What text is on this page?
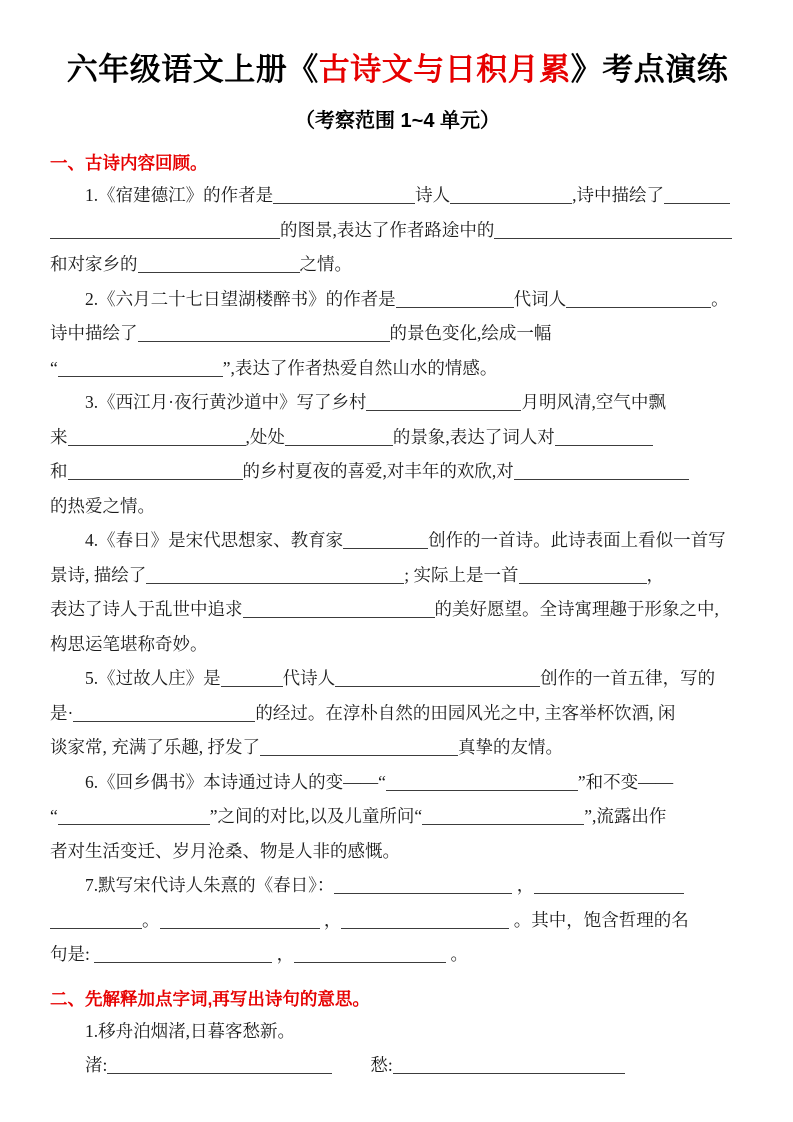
六年级语文上册《古诗文与日积月累》考点演练
（考察范围 1~4 单元）
一、古诗内容回顾。
1.《宿建德江》的作者是	诗人	,诗中描绘了
的图景,表达了作者路途中的
和对家乡的	之情。
2.《六月二十七日望湖楼醉书》的作者是	代词人	。
诗中描绘了	的景色变化,绘成一幅
“	”,表达了作者热爱自然山水的情感。
3.《西江月·夜行黄沙道中》写了乡村	月明风清,空气中飘
来	,处处	的景象,表达了词人对
和	的乡村夏夜的喜爱,对丰年的欢欣,对
的热爱之情。
4.《春日》是宋代思想家、教育家	创作的一首诗。此诗表面上看似一首写
景诗, 描绘了	; 实际上是一首	，
表达了诗人于乱世中追求	的美好愿望。全诗寓理趣于形象之中,
构思运笔堪称奇妙。
5.《过故人庄》是	代诗人	创作的一首五律，写的
是·	的经过。在淳朴自然的田园风光之中, 主客举杯饮酒, 闲
谈家常, 充满了乐趣, 抒发了	真挚的友情。
6.《回乡偶书》本诗通过诗人的变——“	”和不变——
“	”之间的对比,以及儿童所问“	”,流露出作
者对生活变迁、岁月沧桑、物是人非的感慨。
7.默写宋代诗人朱熹的《春日》：	，
。	，	。其中，饱含哲理的名
句是:	，	。
二、先解释加点字词,再写出诗句的意思。
1.移舟泊烟渚,日暮客愁新。
渚:	愁:
